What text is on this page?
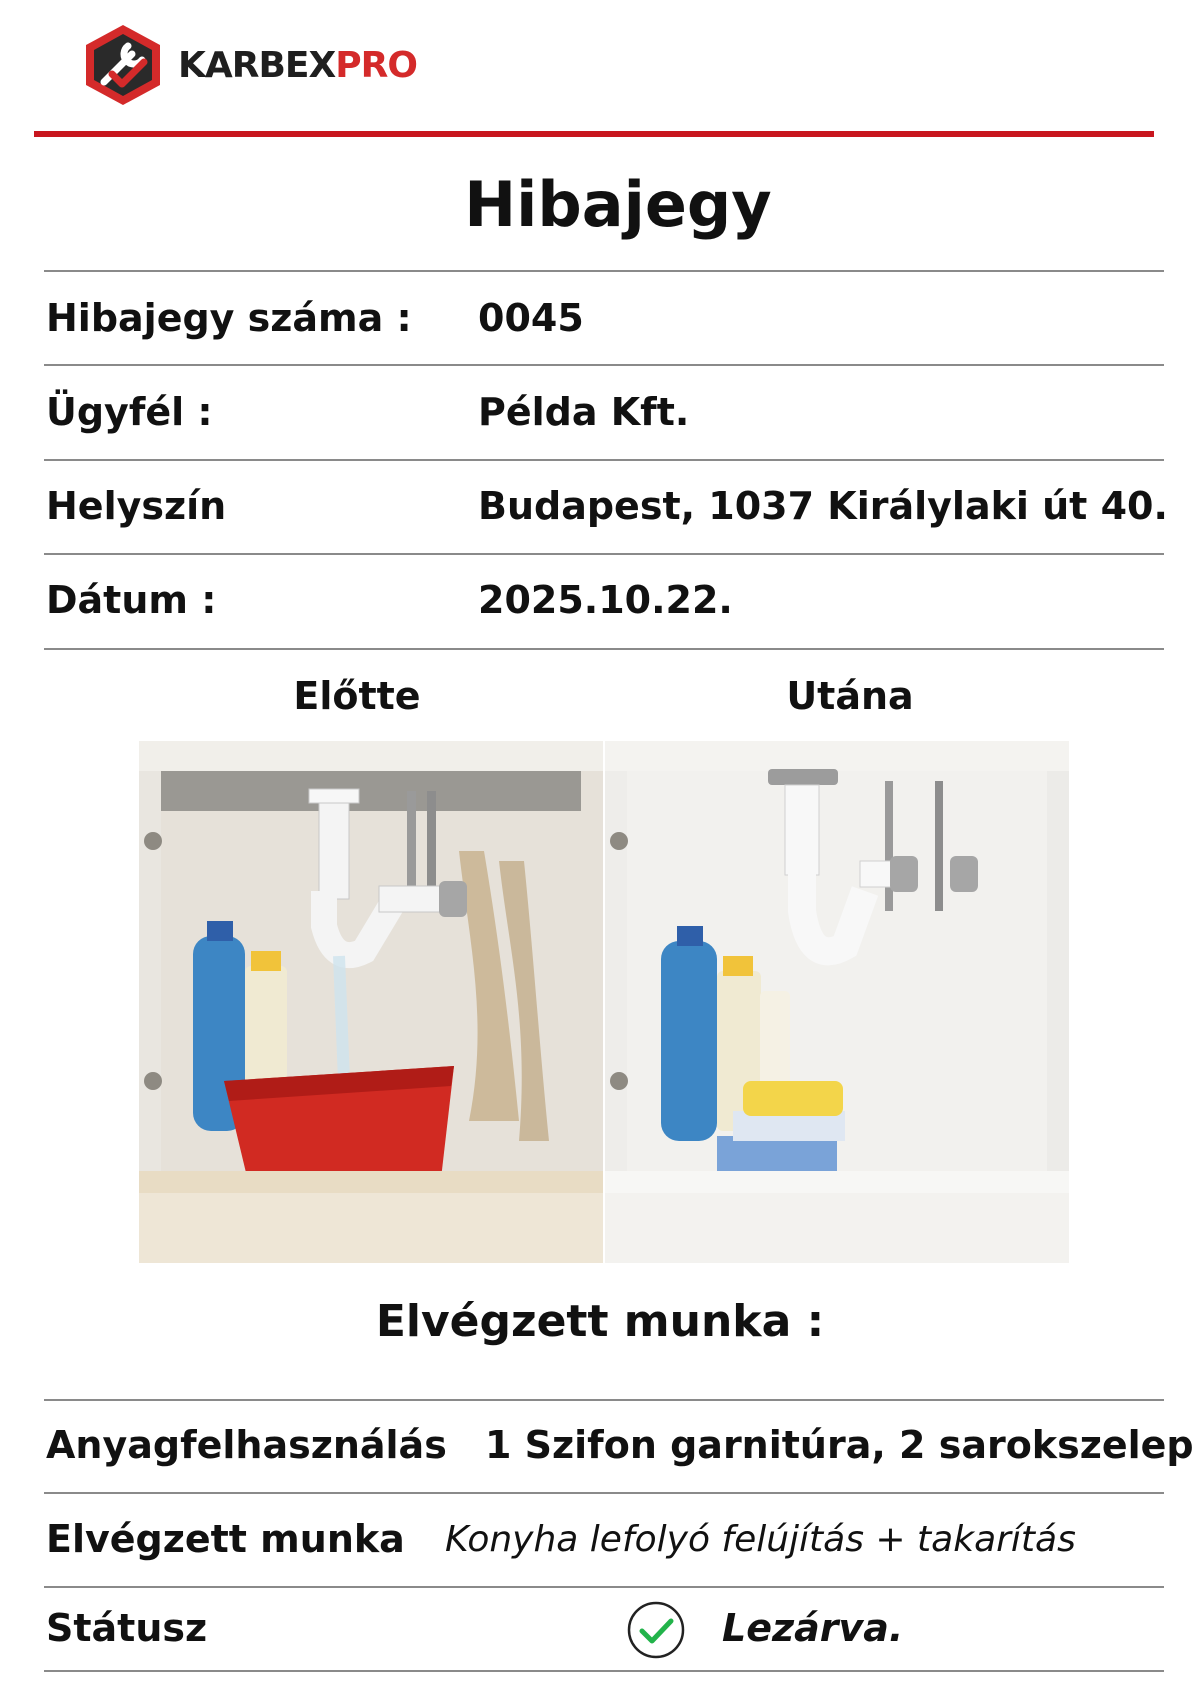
KARBEXPRO
Hibajegy
Hibajegy száma : 0045
Ügyfél :	Példa Kft.
Helyszín	Budapest, 1037 Királylaki út 40.
Dátum :	2025.10.22.
Előtte	Utána
Elvégzett munka :
Anyagfelhasználás 1 Szifon garnitúra, 2 sarokszelep
Elvégzett munka Konyha lefolyó felújítás + takarítás
Státusz	Lezárva.
